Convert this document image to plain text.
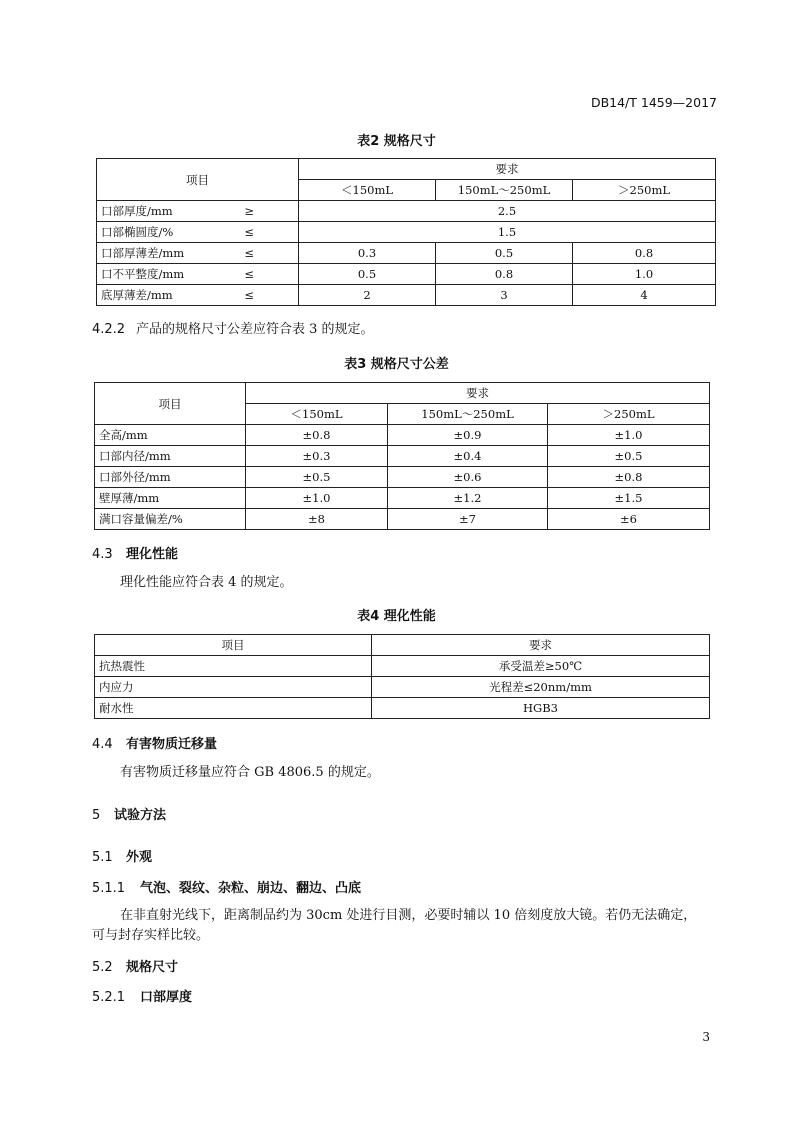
DB14/T 1459—2017
表2 规格尺寸
项目	要求		
	＜150mL	150mL～250mL	＞250mL

口部厚度/mm ≥	2.5		

口部椭圆度/% ≤	1.5		

口部厚薄差/mm ≤	0.3	0.5	0.8

口不平整度/mm ≤	0.5	0.8	1.0

底厚薄差/mm ≤	2	3	4
4.2.2 产品的规格尺寸公差应符合表 3 的规定。
表3 规格尺寸公差
项目	要求		
	＜150mL	150mL～250mL	＞250mL
全高/mm	±0.8	±0.9	±1.0
口部内径/mm	±0.3	±0.4	±0.5
口部外径/mm	±0.5	±0.6	±0.8
壁厚薄/mm	±1.0	±1.2	±1.5
满口容量偏差/%	±8	±7	±6
4.3 理化性能
理化性能应符合表 4 的规定。
表4 理化性能
项目	要求
抗热震性	承受温差≥50℃
内应力	光程差≤20nm/mm
耐水性	HGB3
4.4 有害物质迁移量
有害物质迁移量应符合 GB 4806.5 的规定。
5 试验方法
5.1 外观
5.1.1 气泡、裂纹、杂粒、崩边、翻边、凸底
在非直射光线下，距离制品约为 30cm 处进行目测，必要时辅以 10 倍刻度放大镜。若仍无法确定，
可与封存实样比较。
5.2 规格尺寸
5.2.1 口部厚度
3
